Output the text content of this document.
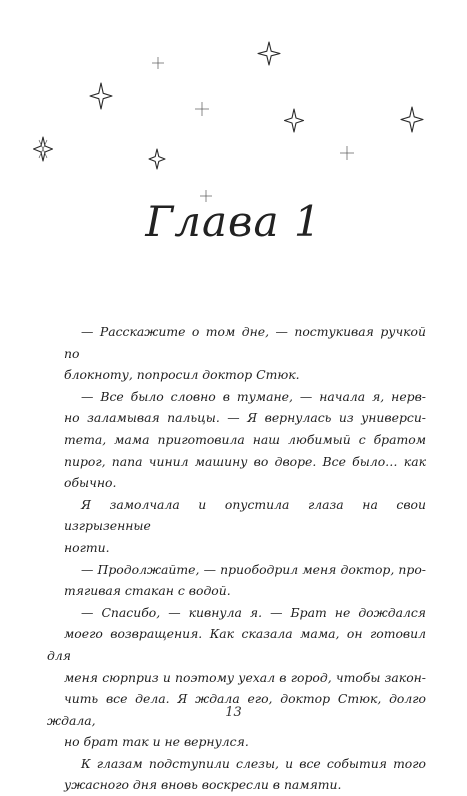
Глава 1

— Расскажите о том дне, — постукивая ручкой по
блокноту, попросил доктор Стюк.

— Все было словно в тумане, — начала я, нерв-
но заламывая пальцы. — Я вернулась из универси-
тета, мама приготовила наш любимый с братом
пирог, папа чинил машину во дворе. Все было… как
обычно.

Я замолчала и опустила глаза на свои изгрызенные
ногти.

— Продолжайте, — приободрил меня доктор, про-
тягивая стакан с водой.

— Спасибо, — кивнула я. — Брат не дождался
моего возвращения. Как сказала мама, он готовил для
меня сюрприз и поэтому уехал в город, чтобы закон-
чить все дела. Я ждала его, доктор Стюк, долго ждала,
но брат так и не вернулся.

К глазам подступили слезы, и все события того
ужасного дня вновь воскресли в памяти.

13
